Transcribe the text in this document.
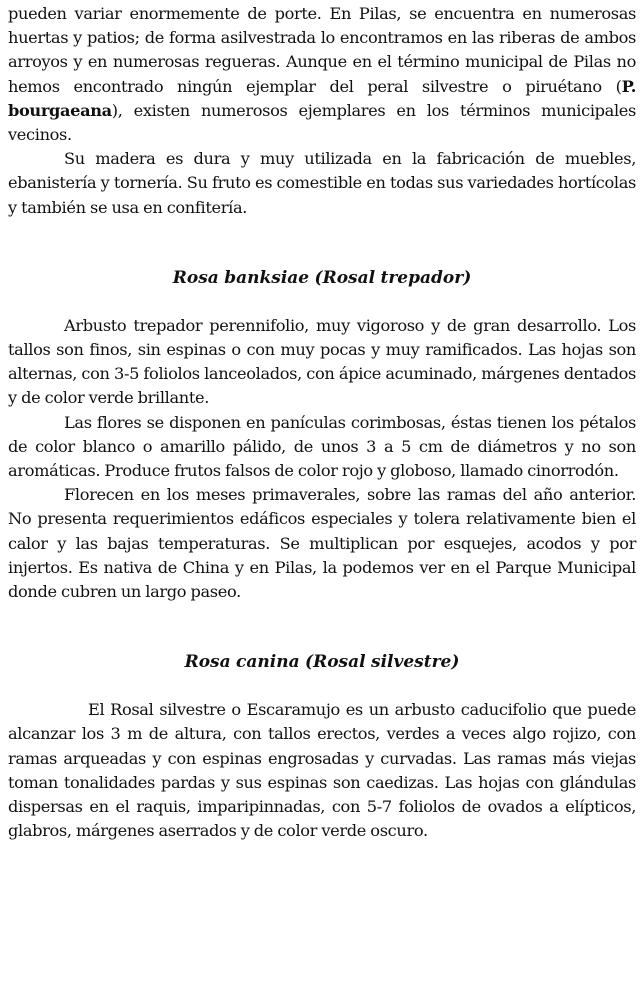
pueden variar enormemente de porte. En Pilas, se encuentra en numerosas huertas y patios; de forma asilvestrada lo encontramos en las riberas de ambos arroyos y en numerosas regueras. Aunque en el término municipal de Pilas no hemos encontrado ningún ejemplar del peral silvestre o piruétano (P. bourgaeana), existen numerosos ejemplares en los términos municipales vecinos.

Su madera es dura y muy utilizada en la fabricación de muebles, ebanistería y tornería. Su fruto es comestible en todas sus variedades hortícolas y también se usa en confitería.

Rosa banksiae (Rosal trepador)

Arbusto trepador perennifolio, muy vigoroso y de gran desarrollo. Los tallos son finos, sin espinas o con muy pocas y muy ramificados. Las hojas son alternas, con 3-5 foliolos lanceolados, con ápice acuminado, márgenes dentados y de color verde brillante.

Las flores se disponen en panículas corimbosas, éstas tienen los pétalos de color blanco o amarillo pálido, de unos 3 a 5 cm de diámetros y no son aromáticas. Produce frutos falsos de color rojo y globoso, llamado cinorrodón.

Florecen en los meses primaverales, sobre las ramas del año anterior. No presenta requerimientos edáficos especiales y tolera relativamente bien el calor y las bajas temperaturas. Se multiplican por esquejes, acodos y por injertos. Es nativa de China y en Pilas, la podemos ver en el Parque Municipal donde cubren un largo paseo.

Rosa canina (Rosal silvestre)

El Rosal silvestre o Escaramujo es un arbusto caducifolio que puede alcanzar los 3 m de altura, con tallos erectos, verdes a veces algo rojizo, con ramas arqueadas y con espinas engrosadas y curvadas. Las ramas más viejas toman tonalidades pardas y sus espinas son caedizas. Las hojas con glándulas dispersas en el raquis, imparipinnadas, con 5-7 foliolos de ovados a elípticos, glabros, márgenes aserrados y de color verde oscuro.
